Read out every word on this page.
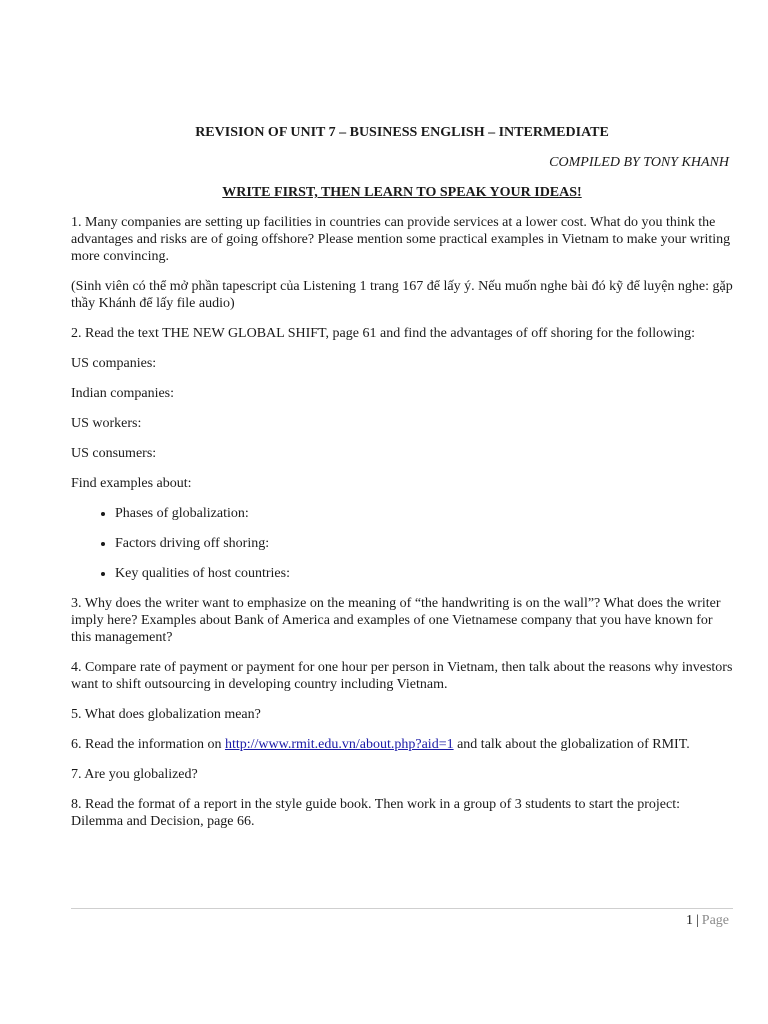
REVISION OF UNIT 7 – BUSINESS ENGLISH – INTERMEDIATE
COMPILED BY TONY KHANH
WRITE FIRST, THEN LEARN TO SPEAK YOUR IDEAS!

1. Many companies are setting up facilities in countries can provide services at a lower cost. What do you think the advantages and risks are of going offshore? Please mention some practical examples in Vietnam to make your writing more convincing.

(Sinh viên có thể mở phần tapescript của Listening 1 trang 167 để lấy ý. Nếu muốn nghe bài đó kỹ để luyện nghe: gặp thầy Khánh để lấy file audio)

2. Read the text THE NEW GLOBAL SHIFT, page 61 and find the advantages of off shoring for the following:

US companies:

Indian companies:

US workers:

US consumers:

Find examples about:

• Phases of globalization:
• Factors driving off shoring:
• Key qualities of host countries:

3. Why does the writer want to emphasize on the meaning of “the handwriting is on the wall”? What does the writer imply here? Examples about Bank of America and examples of one Vietnamese company that you have known for this management?

4. Compare rate of payment or payment for one hour per person in Vietnam, then talk about the reasons why investors want to shift outsourcing in developing country including Vietnam.

5. What does globalization mean?

6. Read the information on http://www.rmit.edu.vn/about.php?aid=1 and talk about the globalization of RMIT.

7. Are you globalized?

8. Read the format of a report in the style guide book. Then work in a group of 3 students to start the project: Dilemma and Decision, page 66.

1 | Page
